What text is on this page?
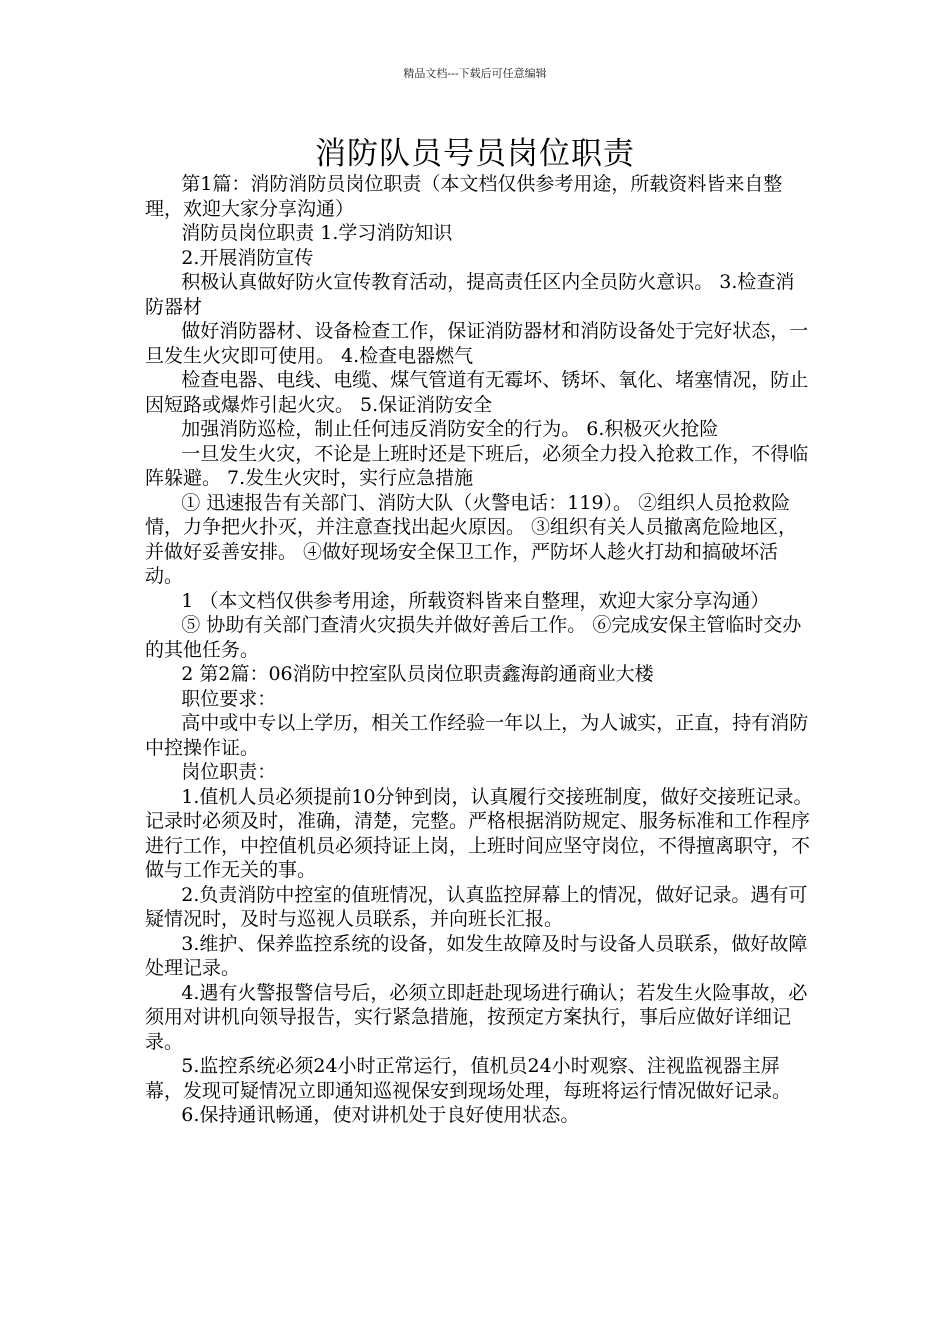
精品文档---下载后可任意编辑
消防队员号员岗位职责

第1篇：消防消防员岗位职责（本文档仅供参考用途，所载资料皆来自整理，欢迎大家分享沟通）

消防员岗位职责 1.学习消防知识

2.开展消防宣传

积极认真做好防火宣传教育活动，提高责任区内全员防火意识。 3.检查消防器材

做好消防器材、设备检查工作，保证消防器材和消防设备处于完好状态，一旦发生火灾即可使用。 4.检查电器燃气

检查电器、电线、电缆、煤气管道有无霉坏、锈坏、氧化、堵塞情况，防止因短路或爆炸引起火灾。 5.保证消防安全

加强消防巡检，制止任何违反消防安全的行为。 6.积极灭火抢险

一旦发生火灾，不论是上班时还是下班后，必须全力投入抢救工作，不得临阵躲避。 7.发生火灾时，实行应急措施

① 迅速报告有关部门、消防大队（火警电话：119）。 ②组织人员抢救险情，力争把火扑灭，并注意查找出起火原因。 ③组织有关人员撤离危险地区，并做好妥善安排。 ④做好现场安全保卫工作，严防坏人趁火打劫和搞破坏活动。

1 （本文档仅供参考用途，所载资料皆来自整理，欢迎大家分享沟通）

⑤ 协助有关部门查清火灾损失并做好善后工作。 ⑥完成安保主管临时交办的其他任务。

2 第2篇：06消防中控室队员岗位职责鑫海韵通商业大楼

职位要求：

高中或中专以上学历，相关工作经验一年以上，为人诚实，正直，持有消防中控操作证。

岗位职责：

1.值机人员必须提前10分钟到岗，认真履行交接班制度，做好交接班记录。记录时必须及时，准确，清楚，完整。严格根据消防规定、服务标准和工作程序进行工作，中控值机员必须持证上岗，上班时间应坚守岗位，不得擅离职守，不做与工作无关的事。

2.负责消防中控室的值班情况，认真监控屏幕上的情况，做好记录。遇有可疑情况时，及时与巡视人员联系，并向班长汇报。

3.维护、保养监控系统的设备，如发生故障及时与设备人员联系，做好故障处理记录。

4.遇有火警报警信号后，必须立即赶赴现场进行确认；若发生火险事故，必须用对讲机向领导报告，实行紧急措施，按预定方案执行，事后应做好详细记录。

5.监控系统必须24小时正常运行，值机员24小时观察、注视监视器主屏幕，发现可疑情况立即通知巡视保安到现场处理，每班将运行情况做好记录。

6.保持通讯畅通，使对讲机处于良好使用状态。
